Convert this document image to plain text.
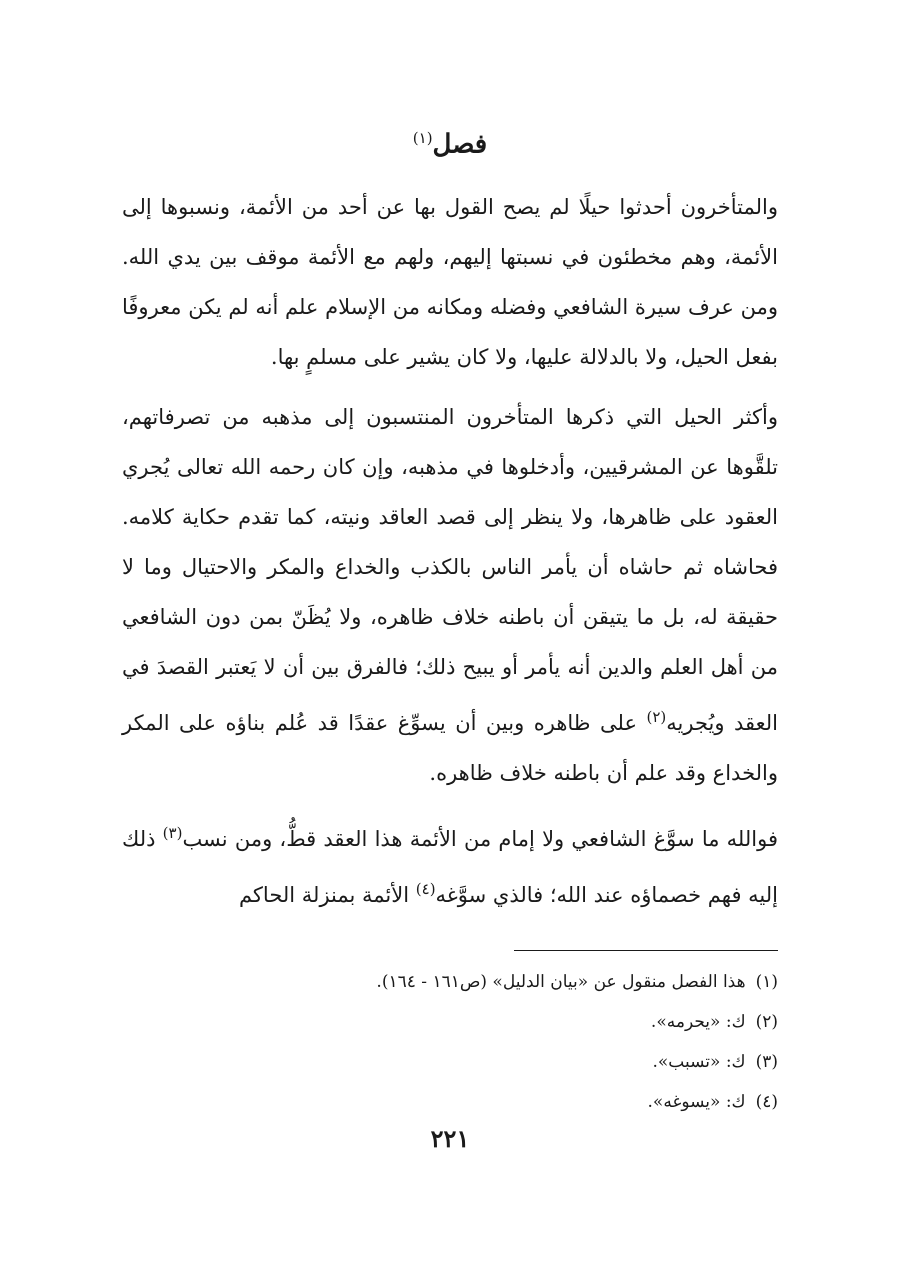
فصل$^{(١)}$

والمتأخرون أحدثوا حيلًا لم يصح القول بها عن أحد من الأئمة، ونسبوها إلى الأئمة، وهم مخطئون في نسبتها إليهم، ولهم مع الأئمة موقف بين يدي الله. ومن عرف سيرة الشافعي وفضله ومكانه من الإسلام علم أنه لم يكن معروفًا بفعل الحيل، ولا بالدلالة عليها، ولا كان يشير على مسلمٍ بها.

وأكثر الحيل التي ذكرها المتأخرون المنتسبون إلى مذهبه من تصرفاتهم، تلقَّوها عن المشرقيين، وأدخلوها في مذهبه، وإن كان رحمه الله تعالى يُجري العقود على ظاهرها، ولا ينظر إلى قصد العاقد ونيته، كما تقدم حكاية كلامه. فحاشاه ثم حاشاه أن يأمر الناس بالكذب والخداع والمكر والاحتيال وما لا حقيقة له، بل ما يتيقن أن باطنه خلاف ظاهره، ولا يُظَنّ بمن دون الشافعي من أهل العلم والدين أنه يأمر أو يبيح ذلك؛ فالفرق بين أن لا يَعتبر القصدَ في العقد ويُجريه$^{(٢)}$ على ظاهره وبين أن يسوِّغ عقدًا قد عُلم بناؤه على المكر والخداع وقد علم أن باطنه خلاف ظاهره.

فوالله ما سوَّغ الشافعي ولا إمام من الأئمة هذا العقد قطُّ، ومن نسب$^{(٣)}$ ذلك إليه فهم خصماؤه عند الله؛ فالذي سوَّغه$^{(٤)}$ الأئمة بمنزلة الحاكم

(١)هذا الفصل منقول عن «بيان الدليل» (ص١٦١ - ١٦٤).
(٢)ك: «يحرمه».
(٣)ك: «تسبب».
(٤)ك: «يسوغه».
٢٢١
